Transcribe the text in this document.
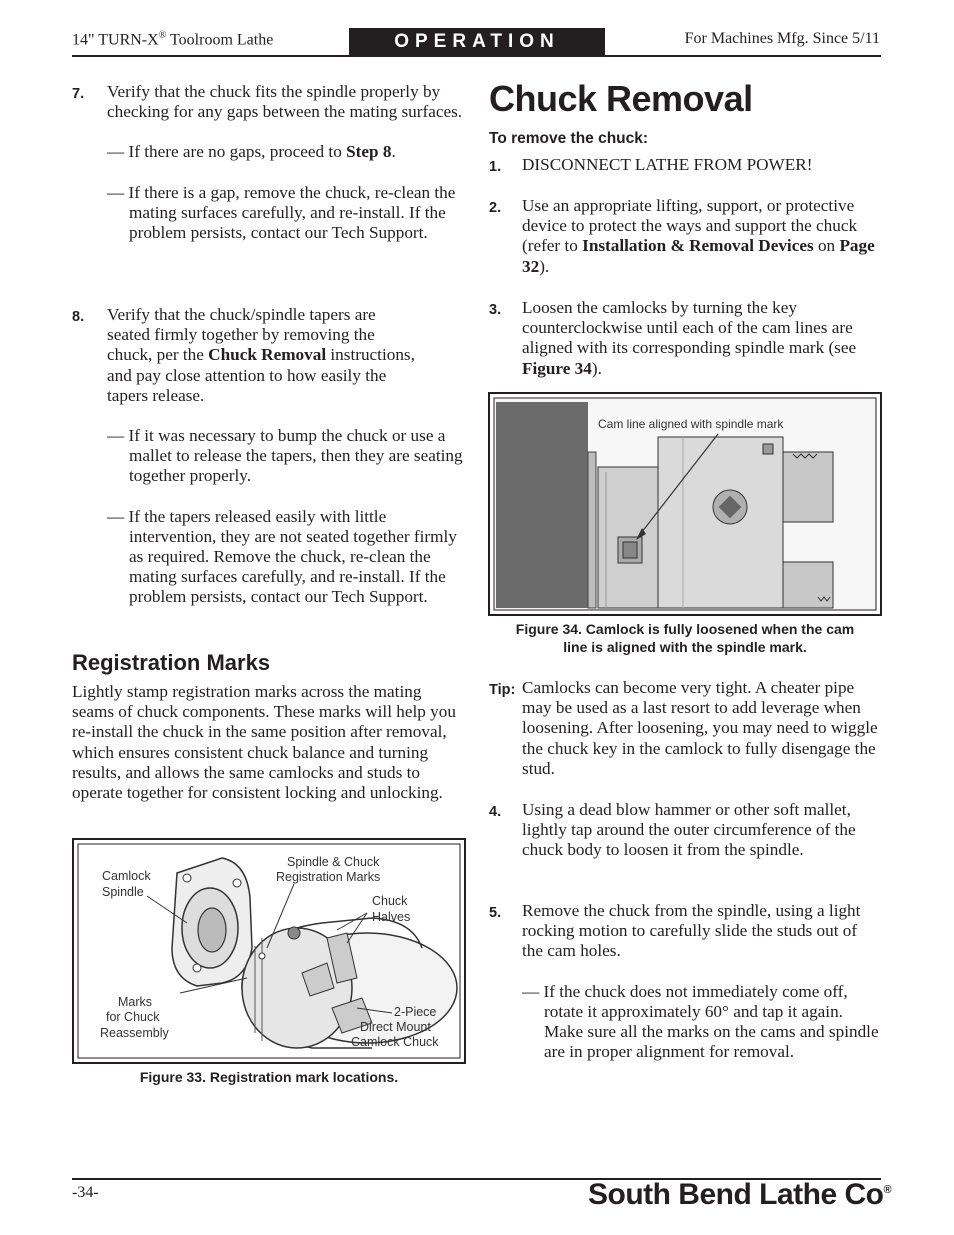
14" TURN-X® Toolroom Lathe	OPERATION	For Machines Mfg. Since 5/11
7. Verify that the chuck fits the spindle properly by checking for any gaps between the mating surfaces.

— If there are no gaps, proceed to Step 8.

— If there is a gap, remove the chuck, re-clean the mating surfaces carefully, and re-install. If the problem persists, contact our Tech Support.

8. Verify that the chuck/spindle tapers are seated firmly together by removing the chuck, per the Chuck Removal instructions, and pay close attention to how easily the tapers release.

— If it was necessary to bump the chuck or use a mallet to release the tapers, then they are seating together properly.

— If the tapers released easily with little intervention, they are not seated together firmly as required. Remove the chuck, re-clean the mating surfaces carefully, and re-install. If the problem persists, contact our Tech Support.

Registration Marks

Lightly stamp registration marks across the mating seams of chuck components. These marks will help you re-install the chuck in the same position after removal, which ensures consistent chuck balance and turning results, and allows the same camlocks and studs to operate together for consistent locking and unlocking.

Camlock
Spindle
Spindle & Chuck
Registration Marks
Chuck
Halves
Marks
for Chuck
Reassembly
2-Piece
Direct Mount
Camlock Chuck
Figure 33. Registration mark locations.
Chuck Removal
To remove the chuck:
1. DISCONNECT LATHE FROM POWER!

2. Use an appropriate lifting, support, or protective device to protect the ways and support the chuck (refer to Installation & Removal Devices on Page 32).

3. Loosen the camlocks by turning the key counterclockwise until each of the cam lines are aligned with its corresponding spindle mark (see Figure 34).

Cam line aligned with spindle mark
Figure 34. Camlock is fully loosened when the cam
line is aligned with the spindle mark.
Tip: Camlocks can become very tight. A cheater pipe may be used as a last resort to add leverage when loosening. After loosening, you may need to wiggle the chuck key in the camlock to fully disengage the stud.

4. Using a dead blow hammer or other soft mallet, lightly tap around the outer circumference of the chuck body to loosen it from the spindle.

5. Remove the chuck from the spindle, using a light rocking motion to carefully slide the studs out of the cam holes.

— If the chuck does not immediately come off, rotate it approximately 60° and tap it again. Make sure all the marks on the cams and spindle are in proper alignment for removal.

-34-	South Bend Lathe Co®
